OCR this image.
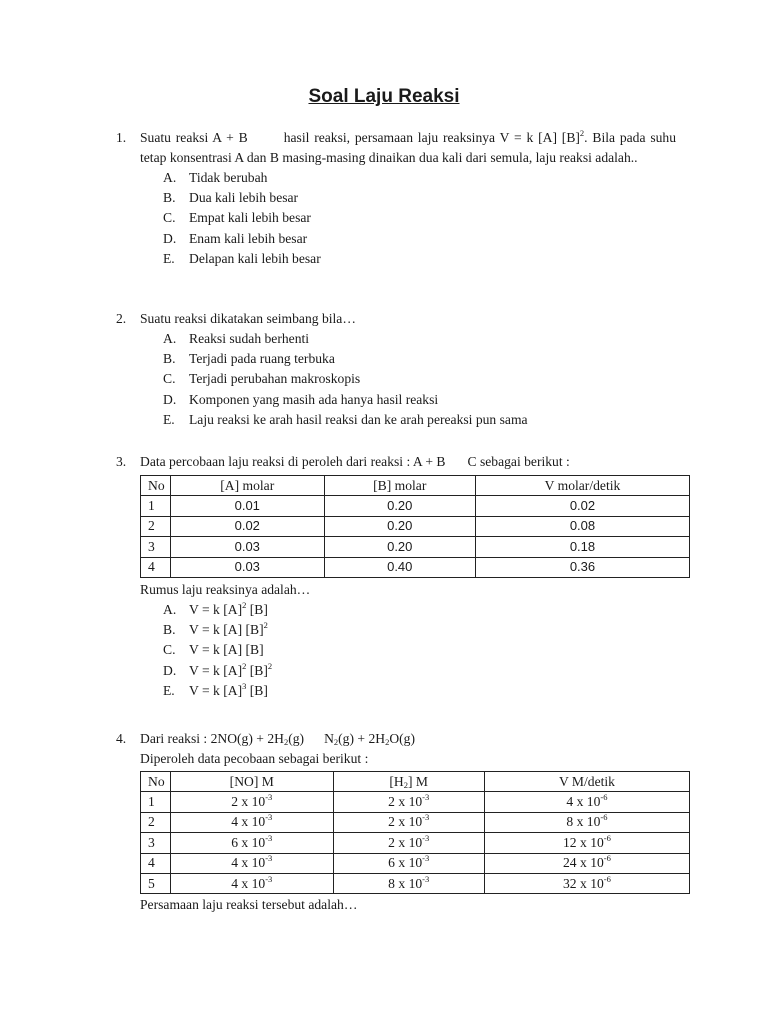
Soal Laju Reaksi
1. Suatu reaksi A + B	hasil reaksi, persamaan laju reaksinya V = k [A] $[B]^2$. Bila pada suhu tetap konsentrasi A dan B masing-masing dinaikan dua kali dari semula, laju reaksi adalah..
A. Tidak berubah
B. Dua kali lebih besar
C. Empat kali lebih besar
D. Enam kali lebih besar
E. Delapan kali lebih besar
2. Suatu reaksi dikatakan seimbang bila…
A. Reaksi sudah berhenti
B. Terjadi pada ruang terbuka
C. Terjadi perubahan makroskopis
D. Komponen yang masih ada hanya hasil reaksi
E. Laju reaksi ke arah hasil reaksi dan ke arah pereaksi pun sama
3. Data percobaan laju reaksi di peroleh dari reaksi : A + B C sebagai berikut :
No	[A] molar	[B] molar	V molar/detik
1	0.01	0.20	0.02
2	0.02	0.20	0.08
3	0.03	0.20	0.18
4	0.03	0.40	0.36
Rumus laju reaksinya adalah…
A. V = k $[A]^2$ [B]
B. V = k [A] $[B]^2$
C. V = k [A] [B]
D. V = k $[A]^2$ $[B]^2$
E. V = k $[A]^3$ [B]
4. Dari reaksi : $2NO(g) + 2H_2(g) N_2(g) + 2H_2O(g)$
Diperoleh data pecobaan sebagai berikut :
No	[NO] M	$[H_2]$ M	V M/detik
1	2 x $10^{-3}$	2 x $10^{-3}$	4 x $10^{-6}$
2	4 x $10^{-3}$	2 x $10^{-3}$	8 x $10^{-6}$
3	6 x $10^{-3}$	2 x $10^{-3}$	12 x $10^{-6}$
4	4 x $10^{-3}$	6 x $10^{-3}$	24 x $10^{-6}$
5	4 x $10^{-3}$	8 x $10^{-3}$	32 x $10^{-6}$
Persamaan laju reaksi tersebut adalah…
